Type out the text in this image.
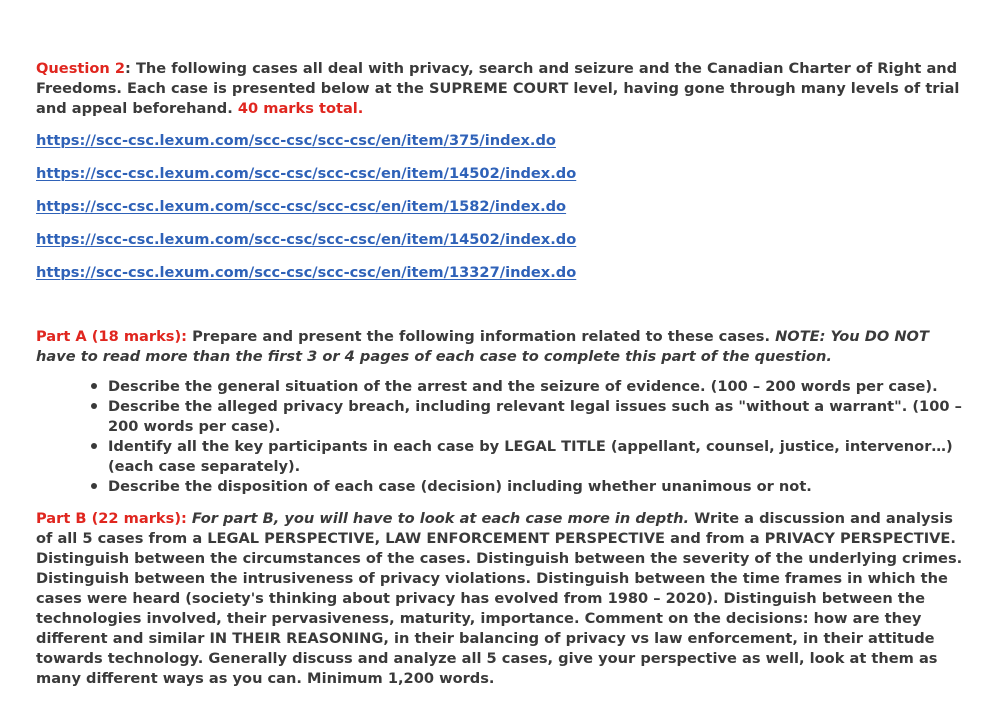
Question 2: The following cases all deal with privacy, search and seizure and the Canadian Charter of Right and Freedoms. Each case is presented below at the SUPREME COURT level, having gone through many levels of trial and appeal beforehand. 40 marks total.

https://scc-csc.lexum.com/scc-csc/scc-csc/en/item/375/index.do
https://scc-csc.lexum.com/scc-csc/scc-csc/en/item/14502/index.do
https://scc-csc.lexum.com/scc-csc/scc-csc/en/item/1582/index.do
https://scc-csc.lexum.com/scc-csc/scc-csc/en/item/14502/index.do
https://scc-csc.lexum.com/scc-csc/scc-csc/en/item/13327/index.do

Part A (18 marks): Prepare and present the following information related to these cases. NOTE: You DO NOT have to read more than the first 3 or 4 pages of each case to complete this part of the question.

Describe the general situation of the arrest and the seizure of evidence. (100 – 200 words per case).
Describe the alleged privacy breach, including relevant legal issues such as "without a warrant". (100 – 200 words per case).
Identify all the key participants in each case by LEGAL TITLE (appellant, counsel, justice, intervenor…) (each case separately).
Describe the disposition of each case (decision) including whether unanimous or not.

Part B (22 marks): For part B, you will have to look at each case more in depth. Write a discussion and analysis of all 5 cases from a LEGAL PERSPECTIVE, LAW ENFORCEMENT PERSPECTIVE and from a PRIVACY PERSPECTIVE. Distinguish between the circumstances of the cases. Distinguish between the severity of the underlying crimes. Distinguish between the intrusiveness of privacy violations. Distinguish between the time frames in which the cases were heard (society's thinking about privacy has evolved from 1980 – 2020). Distinguish between the technologies involved, their pervasiveness, maturity, importance. Comment on the decisions: how are they different and similar IN THEIR REASONING, in their balancing of privacy vs law enforcement, in their attitude towards technology. Generally discuss and analyze all 5 cases, give your perspective as well, look at them as many different ways as you can. Minimum 1,200 words.
